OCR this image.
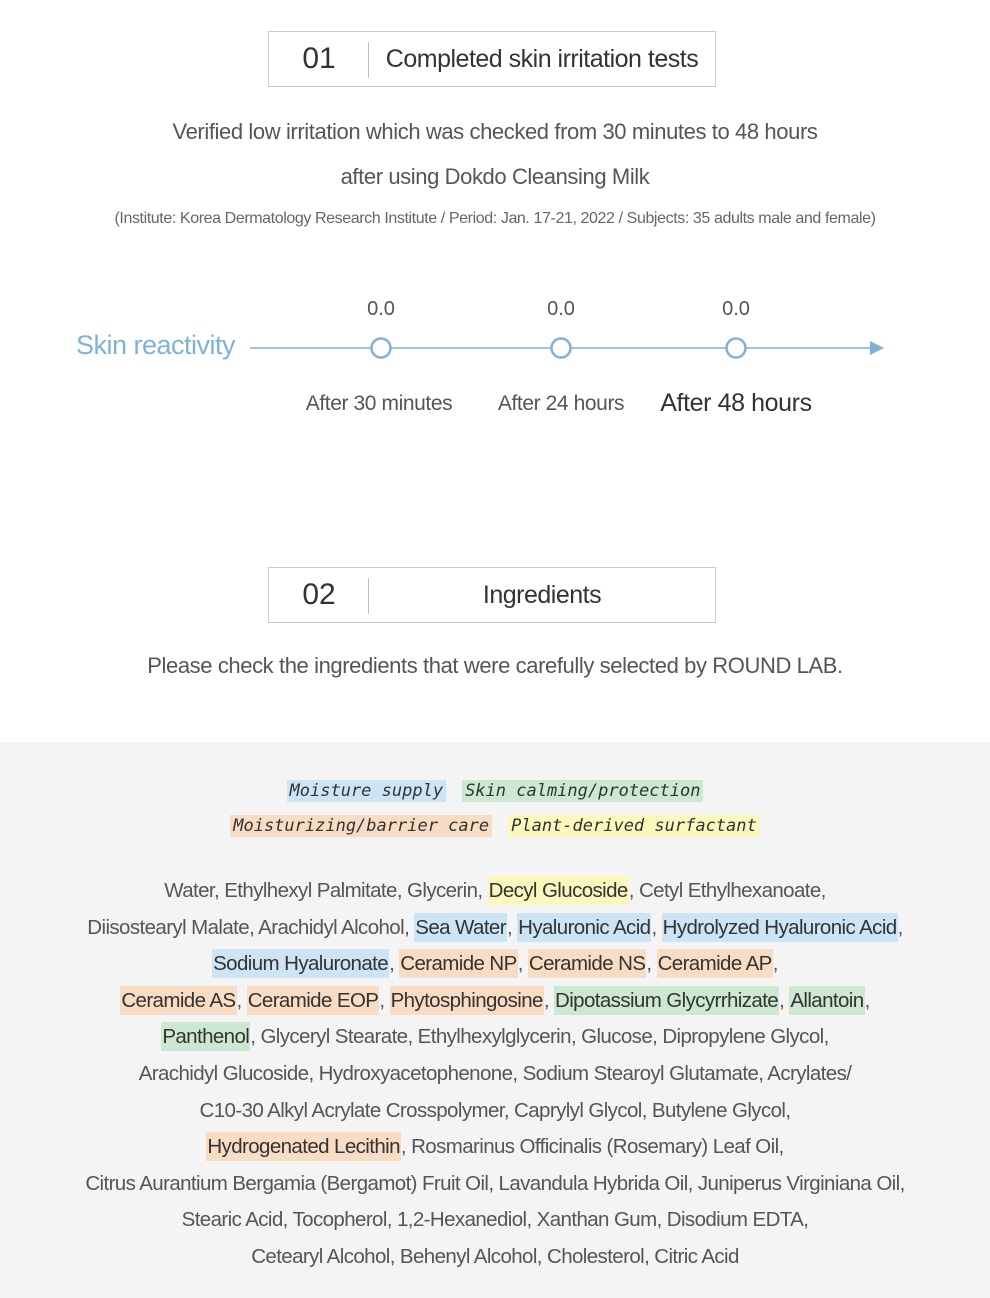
01	Completed skin irritation tests
Verified low irritation which was checked from 30 minutes to 48 hours
after using Dokdo Cleansing Milk
(Institute: Korea Dermatology Research Institute / Period: Jan. 17-21, 2022 / Subjects: 35 adults male and female)
Skin reactivity
0.0	0.0	0.0
After 30 minutes	After 24 hours	After 48 hours
02	Ingredients
Please check the ingredients that were carefully selected by ROUND LAB.
Moisture supply Skin calming/protection
Moisturizing/barrier care Plant-derived surfactant
Water, Ethylhexyl Palmitate, Glycerin, Decyl Glucoside, Cetyl Ethylhexanoate,
Diisostearyl Malate, Arachidyl Alcohol, Sea Water, Hyaluronic Acid, Hydrolyzed Hyaluronic Acid,
Sodium Hyaluronate, Ceramide NP, Ceramide NS, Ceramide AP,
Ceramide AS, Ceramide EOP, Phytosphingosine, Dipotassium Glycyrrhizate, Allantoin,
Panthenol, Glyceryl Stearate, Ethylhexylglycerin, Glucose, Dipropylene Glycol,
Arachidyl Glucoside, Hydroxyacetophenone, Sodium Stearoyl Glutamate, Acrylates/
C10-30 Alkyl Acrylate Crosspolymer, Caprylyl Glycol, Butylene Glycol,
Hydrogenated Lecithin, Rosmarinus Officinalis (Rosemary) Leaf Oil,
Citrus Aurantium Bergamia (Bergamot) Fruit Oil, Lavandula Hybrida Oil, Juniperus Virginiana Oil,
Stearic Acid, Tocopherol, 1,2-Hexanediol, Xanthan Gum, Disodium EDTA,
Cetearyl Alcohol, Behenyl Alcohol, Cholesterol, Citric Acid
